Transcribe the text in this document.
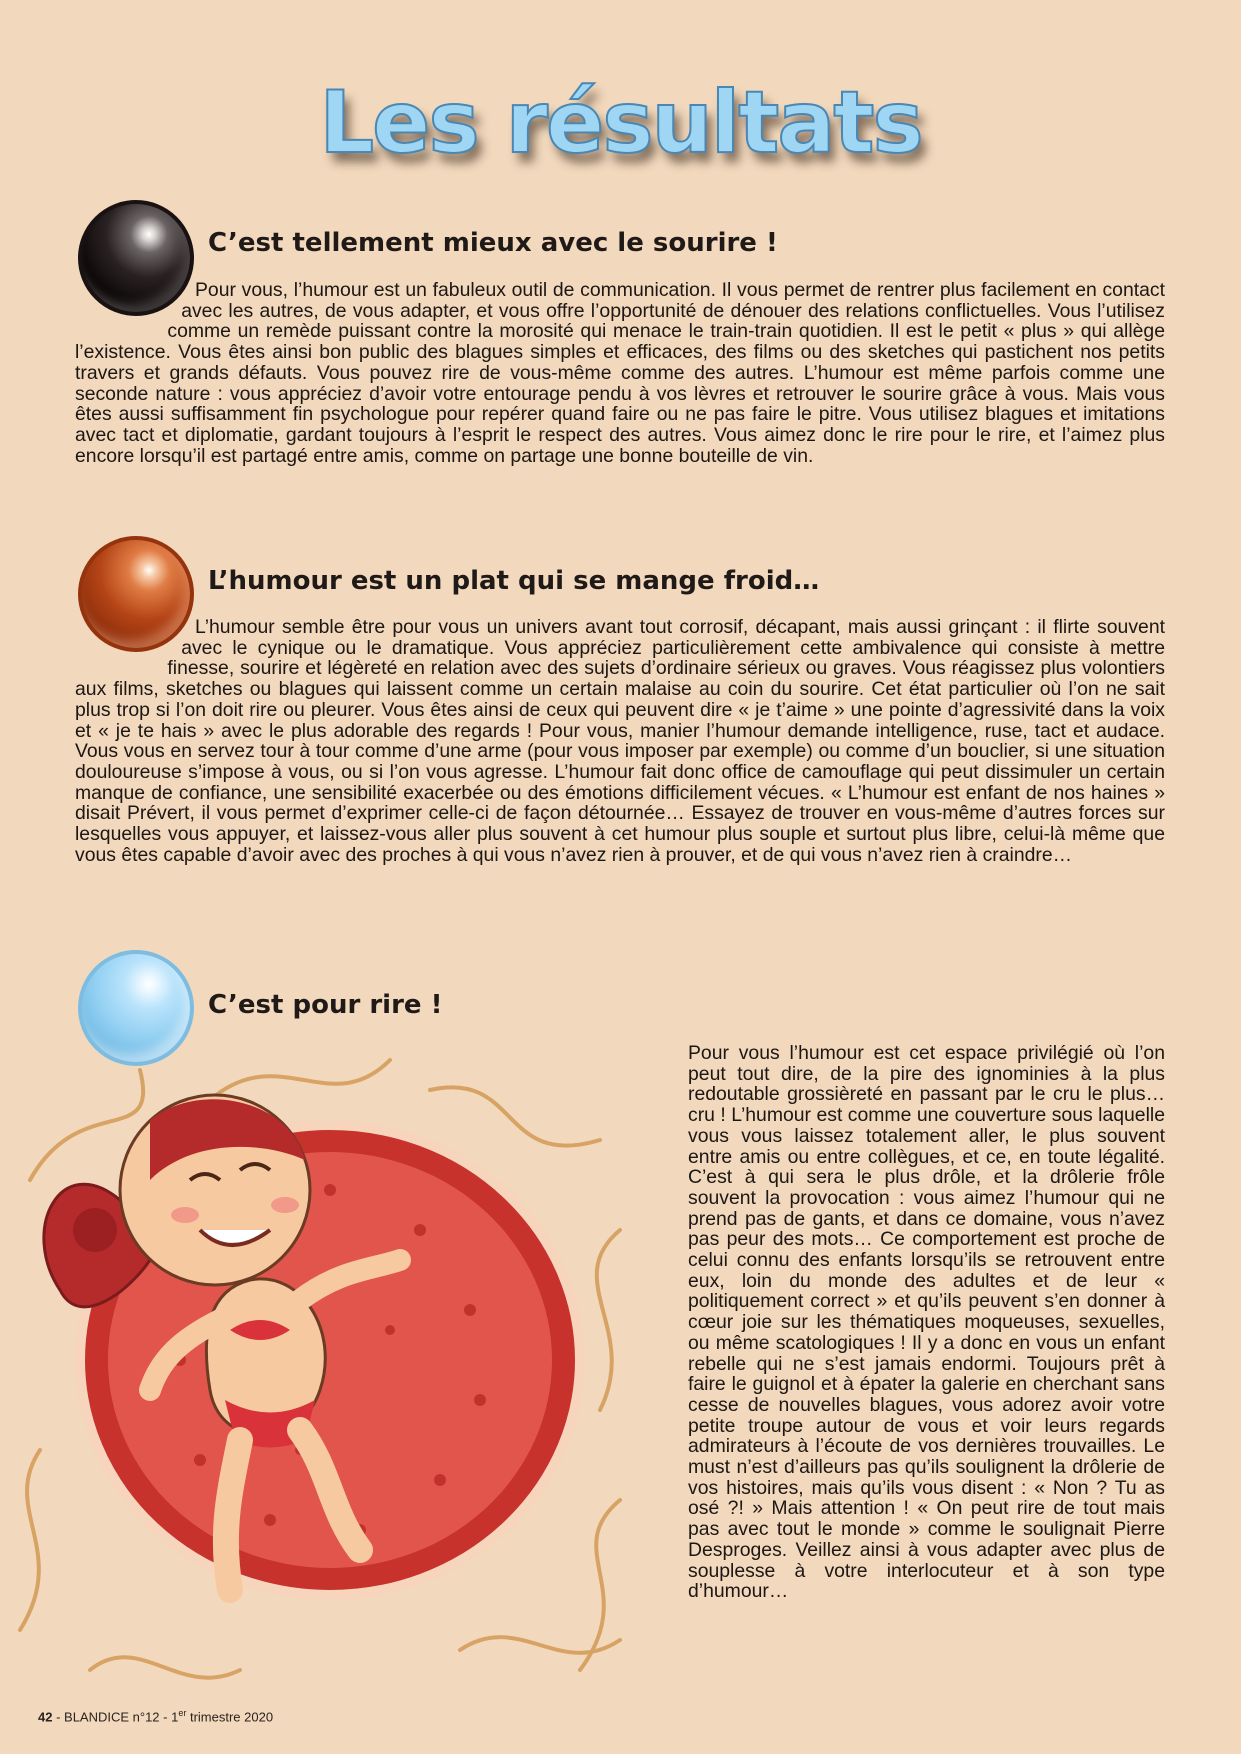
Les résultats
C’est tellement mieux avec le sourire !

Pour vous, l’humour est un fabuleux outil de communication. Il vous permet de rentrer plus facilement en contact avec les autres, de vous adapter, et vous offre l’opportunité de dénouer des relations conflictuelles. Vous l’utilisez comme un remède puissant contre la morosité qui menace le train-train quotidien. Il est le petit « plus » qui allège l’existence. Vous êtes ainsi bon public des blagues simples et efficaces, des films ou des sketches qui pastichent nos petits travers et grands défauts. Vous pouvez rire de vous-même comme des autres. L’humour est même parfois comme une seconde nature : vous appréciez d’avoir votre entourage pendu à vos lèvres et retrouver le sourire grâce à vous. Mais vous êtes aussi suffisamment fin psychologue pour repérer quand faire ou ne pas faire le pitre. Vous utilisez blagues et imitations avec tact et diplomatie, gardant toujours à l’esprit le respect des autres. Vous aimez donc le rire pour le rire, et l’aimez plus encore lorsqu’il est partagé entre amis, comme on partage une bonne bouteille de vin.

L’humour est un plat qui se mange froid…

L’humour semble être pour vous un univers avant tout corrosif, décapant, mais aussi grinçant : il flirte souvent avec le cynique ou le dramatique. Vous appréciez particulièrement cette ambivalence qui consiste à mettre finesse, sourire et légèreté en relation avec des sujets d’ordinaire sérieux ou graves. Vous réagissez plus volontiers aux films, sketches ou blagues qui laissent comme un certain malaise au coin du sourire. Cet état particulier où l’on ne sait plus trop si l’on doit rire ou pleurer. Vous êtes ainsi de ceux qui peuvent dire « je t’aime » une pointe d’agressivité dans la voix et « je te hais » avec le plus adorable des regards ! Pour vous, manier l’humour demande intelligence, ruse, tact et audace. Vous vous en servez tour à tour comme d’une arme (pour vous imposer par exemple) ou comme d’un bouclier, si une situation douloureuse s’impose à vous, ou si l’on vous agresse. L’humour fait donc office de camouflage qui peut dissimuler un certain manque de confiance, une sensibilité exacerbée ou des émotions difficilement vécues. « L’humour est enfant de nos haines » disait Prévert, il vous permet d’exprimer celle-ci de façon détournée… Essayez de trouver en vous-même d’autres forces sur lesquelles vous appuyer, et laissez-vous aller plus souvent à cet humour plus souple et surtout plus libre, celui-là même que vous êtes capable d’avoir avec des proches à qui vous n’avez rien à prouver, et de qui vous n’avez rien à craindre…

C’est pour rire !

Pour vous l’humour est cet espace privilégié où l’on peut tout dire, de la pire des ignominies à la plus redoutable grossièreté en passant par le cru le plus… cru ! L’humour est comme une couverture sous laquelle vous vous laissez totalement aller, le plus souvent entre amis ou entre collègues, et ce, en toute légalité. C’est à qui sera le plus drôle, et la drôlerie frôle souvent la provocation : vous aimez l’humour qui ne prend pas de gants, et dans ce domaine, vous n’avez pas peur des mots… Ce comportement est proche de celui connu des enfants lorsqu’ils se retrouvent entre eux, loin du monde des adultes et de leur « politiquement correct » et qu’ils peuvent s’en donner à cœur joie sur les thématiques moqueuses, sexuelles, ou même scatologiques ! Il y a donc en vous un enfant rebelle qui ne s’est jamais endormi. Toujours prêt à faire le guignol et à épater la galerie en cherchant sans cesse de nouvelles blagues, vous adorez avoir votre petite troupe autour de vous et voir leurs regards admirateurs à l’écoute de vos dernières trouvailles. Le must n’est d’ailleurs pas qu’ils soulignent la drôlerie de vos histoires, mais qu’ils vous disent : « Non ? Tu as osé ?! » Mais attention ! « On peut rire de tout mais pas avec tout le monde » comme le soulignait Pierre Desproges. Veillez ainsi à vous adapter avec plus de souplesse à votre interlocuteur et à son type d’humour…

42 - BLANDICE n°12 - 1er trimestre 2020
